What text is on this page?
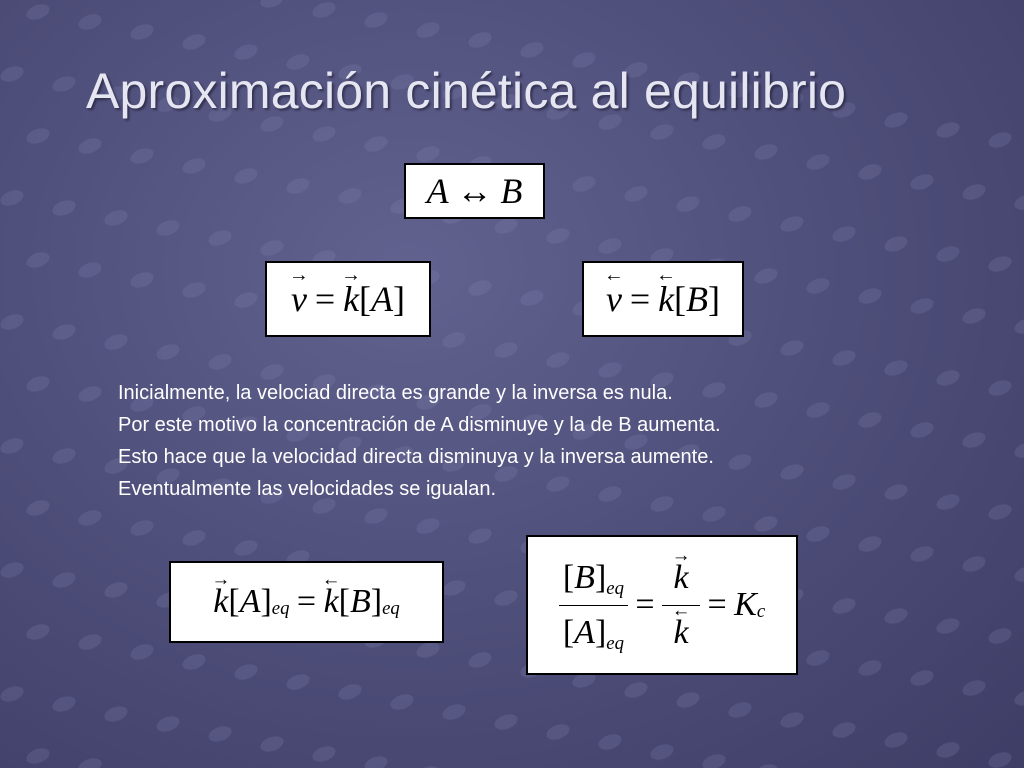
Aproximación cinética al equilibrio
A ↔ B
→ v = → k [ A ]	← v = ← k [ B ]
Inicialmente, la velociad directa es grande y la inversa es nula.
Por este motivo la concentración de A disminuye y la de B aumenta.
Esto hace que la velocidad directa disminuya y la inversa aumente.
Eventualmente las velocidades se igualan.
→ k [ A ] eq = ← k [ B ] eq	$\frac{[B]eq}{[A]eq}$ = → k
← k = K c
